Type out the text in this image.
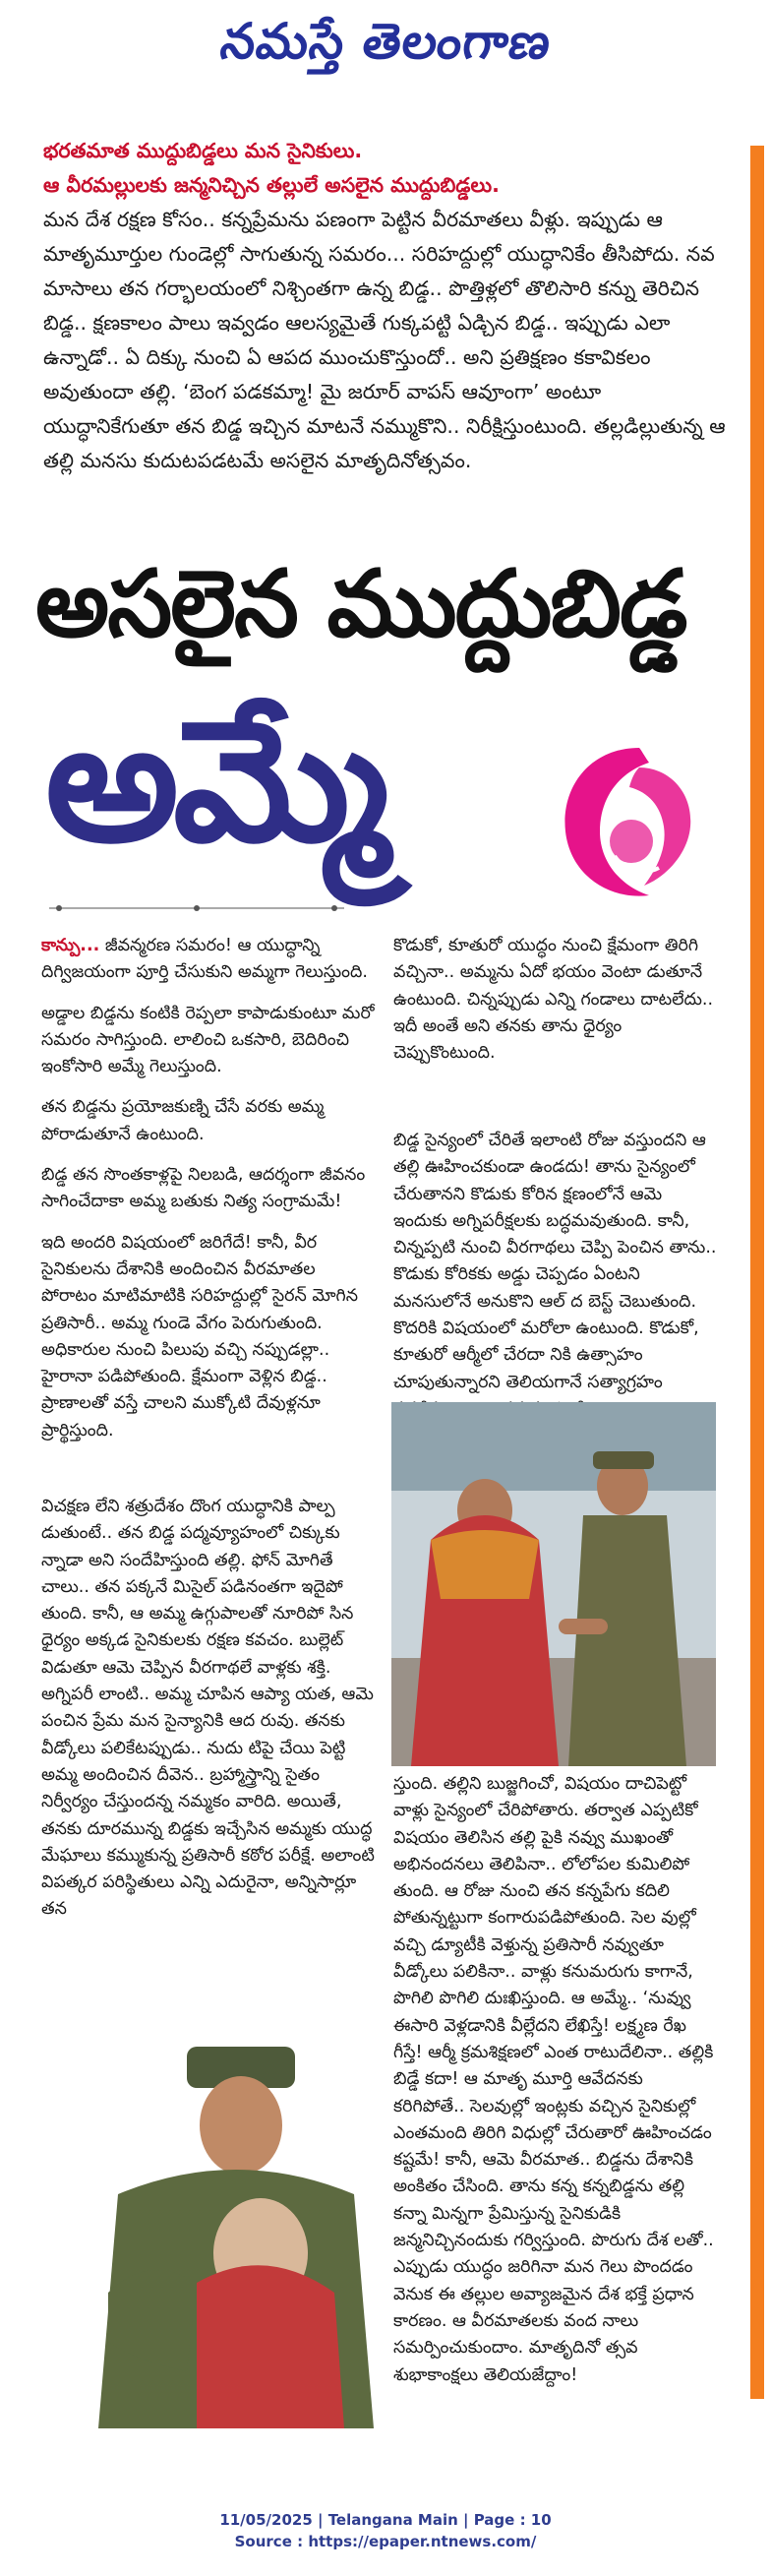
నమస్తే తెలంగాణ

భరతమాత ముద్దుబిడ్డలు మన సైనికులు.

ఆ వీరమల్లులకు జన్మనిచ్చిన తల్లులే అసలైన ముద్దుబిడ్డలు.

మన దేశ రక్షణ కోసం.. కన్నప్రేమను పణంగా పెట్టిన వీరమాతలు వీళ్లు. ఇప్పుడు ఆ మాతృమూర్తుల గుండెల్లో సాగుతున్న సమరం... సరిహద్దుల్లో యుద్ధానికేం తీసిపోదు. నవ మాసాలు తన గర్భాలయంలో నిశ్చింతగా ఉన్న బిడ్డ.. పొత్తిళ్లలో తొలిసారి కన్ను తెరిచిన బిడ్డ.. క్షణకాలం పాలు ఇవ్వడం ఆలస్యమైతే గుక్కపట్టి ఏడ్చిన బిడ్డ.. ఇప్పుడు ఎలా ఉన్నాడో.. ఏ దిక్కు నుంచి ఏ ఆపద ముంచుకొస్తుందో.. అని ప్రతిక్షణం కకావికలం అవుతుందా తల్లి. ‘బెంగ పడకమ్మా! మై జరూర్ వాపస్ ఆవూంగా’ అంటూ యుద్ధానికేగుతూ తన బిడ్డ ఇచ్చిన మాటనే నమ్ముకొని.. నిరీక్షిస్తుంటుంది. తల్లడిల్లుతున్న ఆ తల్లి మనసు కుదుటపడటమే అసలైన మాతృదినోత్సవం.

అసలైన ముద్దుబిడ్డ
అమ్మే

కాన్పు... జీవన్మరణ సమరం! ఆ యుద్ధాన్ని దిగ్విజయంగా పూర్తి చేసుకుని అమ్మగా గెలుస్తుంది.

అడ్డాల బిడ్డను కంటికి రెప్పలా కాపాడుకుంటూ మరో సమరం సాగిస్తుంది. లాలించి ఒకసారి, బెదిరించి ఇంకోసారి అమ్మే గెలుస్తుంది.

తన బిడ్డను ప్రయోజకుణ్ని చేసే వరకు అమ్మ పోరాడుతూనే ఉంటుంది.

బిడ్డ తన సొంతకాళ్లపై నిలబడి, ఆదర్శంగా జీవనం సాగించేదాకా అమ్మ బతుకు నిత్య సంగ్రామమే!

ఇది అందరి విషయంలో జరిగేదే! కానీ, వీర సైనికులను దేశానికి అందించిన వీరమాతల పోరాటం మాటిమాటికి సరిహద్దుల్లో సైరన్ మోగిన ప్రతిసారీ.. అమ్మ గుండె వేగం పెరుగుతుంది. అధికారుల నుంచి పిలుపు వచ్చి నప్పుడల్లా.. హైరానా పడిపోతుంది. క్షేమంగా వెళ్లిన బిడ్డ.. ప్రాణాలతో వస్తే చాలని ముక్కోటి దేవుళ్లనూ ప్రార్థిస్తుంది.

విచక్షణ లేని శత్రుదేశం దొంగ యుద్ధానికి పాల్ప డుతుంటే.. తన బిడ్డ పద్మవ్యూహంలో చిక్కుకు న్నాడా అని సందేహిస్తుంది తల్లి. ఫోన్ మోగితే చాలు.. తన పక్కనే మిసైల్ పడినంతగా ఇదైపో తుంది. కానీ, ఆ అమ్మ ఉగ్గుపాలతో నూరిపో సిన ధైర్యం అక్కడ సైనికులకు రక్షణ కవచం. బుల్లెట్ విడుతూ ఆమె చెప్పిన వీరగాథలే వాళ్లకు శక్తి. అగ్నిపరీ లాంటి.. అమ్మ చూపిన ఆప్యా యత, ఆమె పంచిన ప్రేమ మన సైన్యానికి ఆద రువు. తనకు వీడ్కోలు పలికేటప్పుడు.. నుదు టిపై చేయి పెట్టి అమ్మ అందించిన దీవెన.. బ్రహ్మాస్త్రాన్ని సైతం నిర్వీర్యం చేస్తుందన్న నమ్మకం వారిది. అయితే, తనకు దూరమున్న బిడ్డకు ఇచ్చేసిన అమ్మకు యుద్ధ మేఘాలు కమ్ముకున్న ప్రతిసారీ కఠోర పరీక్షే. అలాంటి విపత్కర పరిస్థితులు ఎన్ని ఎదురైనా, అన్నిసార్లూ తన

కొడుకో, కూతురో యుద్ధం నుంచి క్షేమంగా తిరిగి వచ్చినా.. అమ్మను ఏదో భయం వెంటా డుతూనే ఉంటుంది. చిన్నప్పుడు ఎన్ని గండాలు దాటలేదు.. ఇదీ అంతే అని తనకు తాను ధైర్యం చెప్పుకొంటుంది.

బిడ్డ సైన్యంలో చేరితే ఇలాంటి రోజు వస్తుందని ఆ తల్లి ఊహించకుండా ఉండదు! తాను సైన్యంలో చేరుతానని కొడుకు కోరిన క్షణంలోనే ఆమె ఇందుకు అగ్నిపరీక్షలకు బద్ధమవుతుంది. కానీ, చిన్నప్పటి నుంచి వీరగాథలు చెప్పి పెంచిన తాను.. కొడుకు కోరికకు అడ్డు చెప్పడం ఏంటని మనసులోనే అనుకొని ఆల్ ద బెస్ట్ చెబుతుంది. కొదరికి విషయంలో మరోలా ఉంటుంది. కొడుకో, కూతురో ఆర్మీలో చేరదా నికి ఉత్సాహం చూపుతున్నారని తెలియగానే సత్యాగ్రహం

స్తుంది. తల్లిని బుజ్జగించో, విషయం దాచిపెట్టో వాళ్లు సైన్యంలో చేరిపోతారు. తర్వాత ఎప్పటికో విషయం తెలిసిన తల్లి పైకి నవ్వు ముఖంతో అభినందనలు తెలిపినా.. లోలోపల కుమిలిపో తుంది. ఆ రోజు నుంచి తన కన్నపేగు కదిలి పోతున్నట్టుగా కంగారుపడిపోతుంది. సెల వుల్లో వచ్చి డ్యూటీకి వెళ్తున్న ప్రతిసారీ నవ్వుతూ వీడ్కోలు పలికినా.. వాళ్లు కనుమరుగు కాగానే, పొగిలి పొగిలి దుఃఖిస్తుంది. ఆ అమ్మే.. ‘నువ్వు ఈసారి వెళ్లడానికి వీల్లేదని లేఖిస్తే! లక్ష్మణ రేఖ గీస్తే! ఆర్మీ క్రమశిక్షణలో ఎంత రాటుదేలినా.. తల్లికి బిడ్డే కదా! ఆ మాతృ మూర్తి ఆవేదనకు కరిగిపోతే.. సెలవుల్లో ఇంట్లకు వచ్చిన సైనికుల్లో ఎంతమంది తిరిగి విధుల్లో చేరుతారో ఊహించడం కష్టమే! కానీ, ఆమె వీరమాత.. బిడ్డను దేశానికి అంకితం చేసింది. తాను కన్న కన్నబిడ్డను తల్లి కన్నా మిన్నగా ప్రేమిస్తున్న సైనికుడికి జన్మనిచ్చినందుకు గర్విస్తుంది. పొరుగు దేశ లతో.. ఎప్పుడు యుద్ధం జరిగినా మన గెలు పొందడం వెనుక ఈ తల్లుల అవ్యాజమైన దేశ భక్తే ప్రధాన కారణం. ఆ వీరమాతలకు వంద నాలు సమర్పించుకుందాం. మాతృదినో త్సవ శుభాకాంక్షలు తెలియజేద్దాం!

11/05/2025 | Telangana Main | Page : 10
Source : https://epaper.ntnews.com/
